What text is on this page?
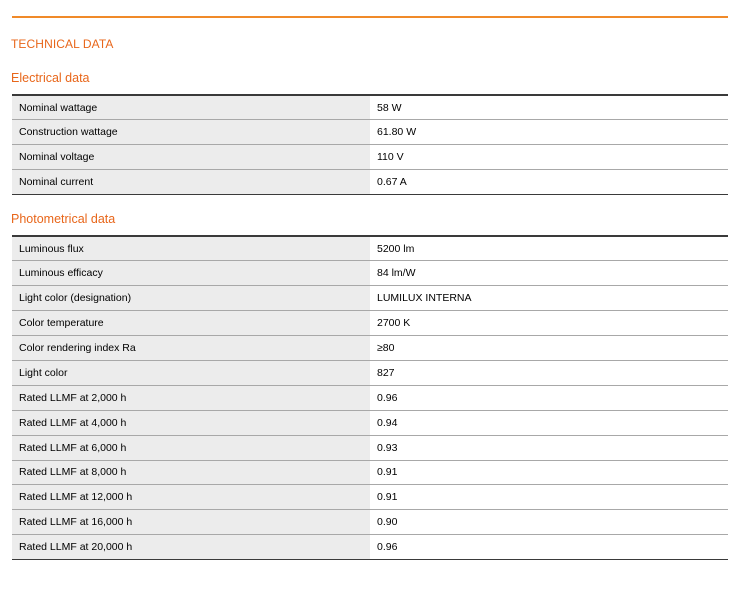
TECHNICAL DATA
Electrical data
Nominal wattage	58 W
Construction wattage	61.80 W
Nominal voltage	110 V
Nominal current	0.67 A
Photometrical data
Luminous flux	5200 lm
Luminous efficacy	84 lm/W
Light color (designation)	LUMILUX INTERNA
Color temperature	2700 K
Color rendering index Ra	≥80
Light color	827
Rated LLMF at 2,000 h	0.96
Rated LLMF at 4,000 h	0.94
Rated LLMF at 6,000 h	0.93
Rated LLMF at 8,000 h	0.91
Rated LLMF at 12,000 h	0.91
Rated LLMF at 16,000 h	0.90
Rated LLMF at 20,000 h	0.96
